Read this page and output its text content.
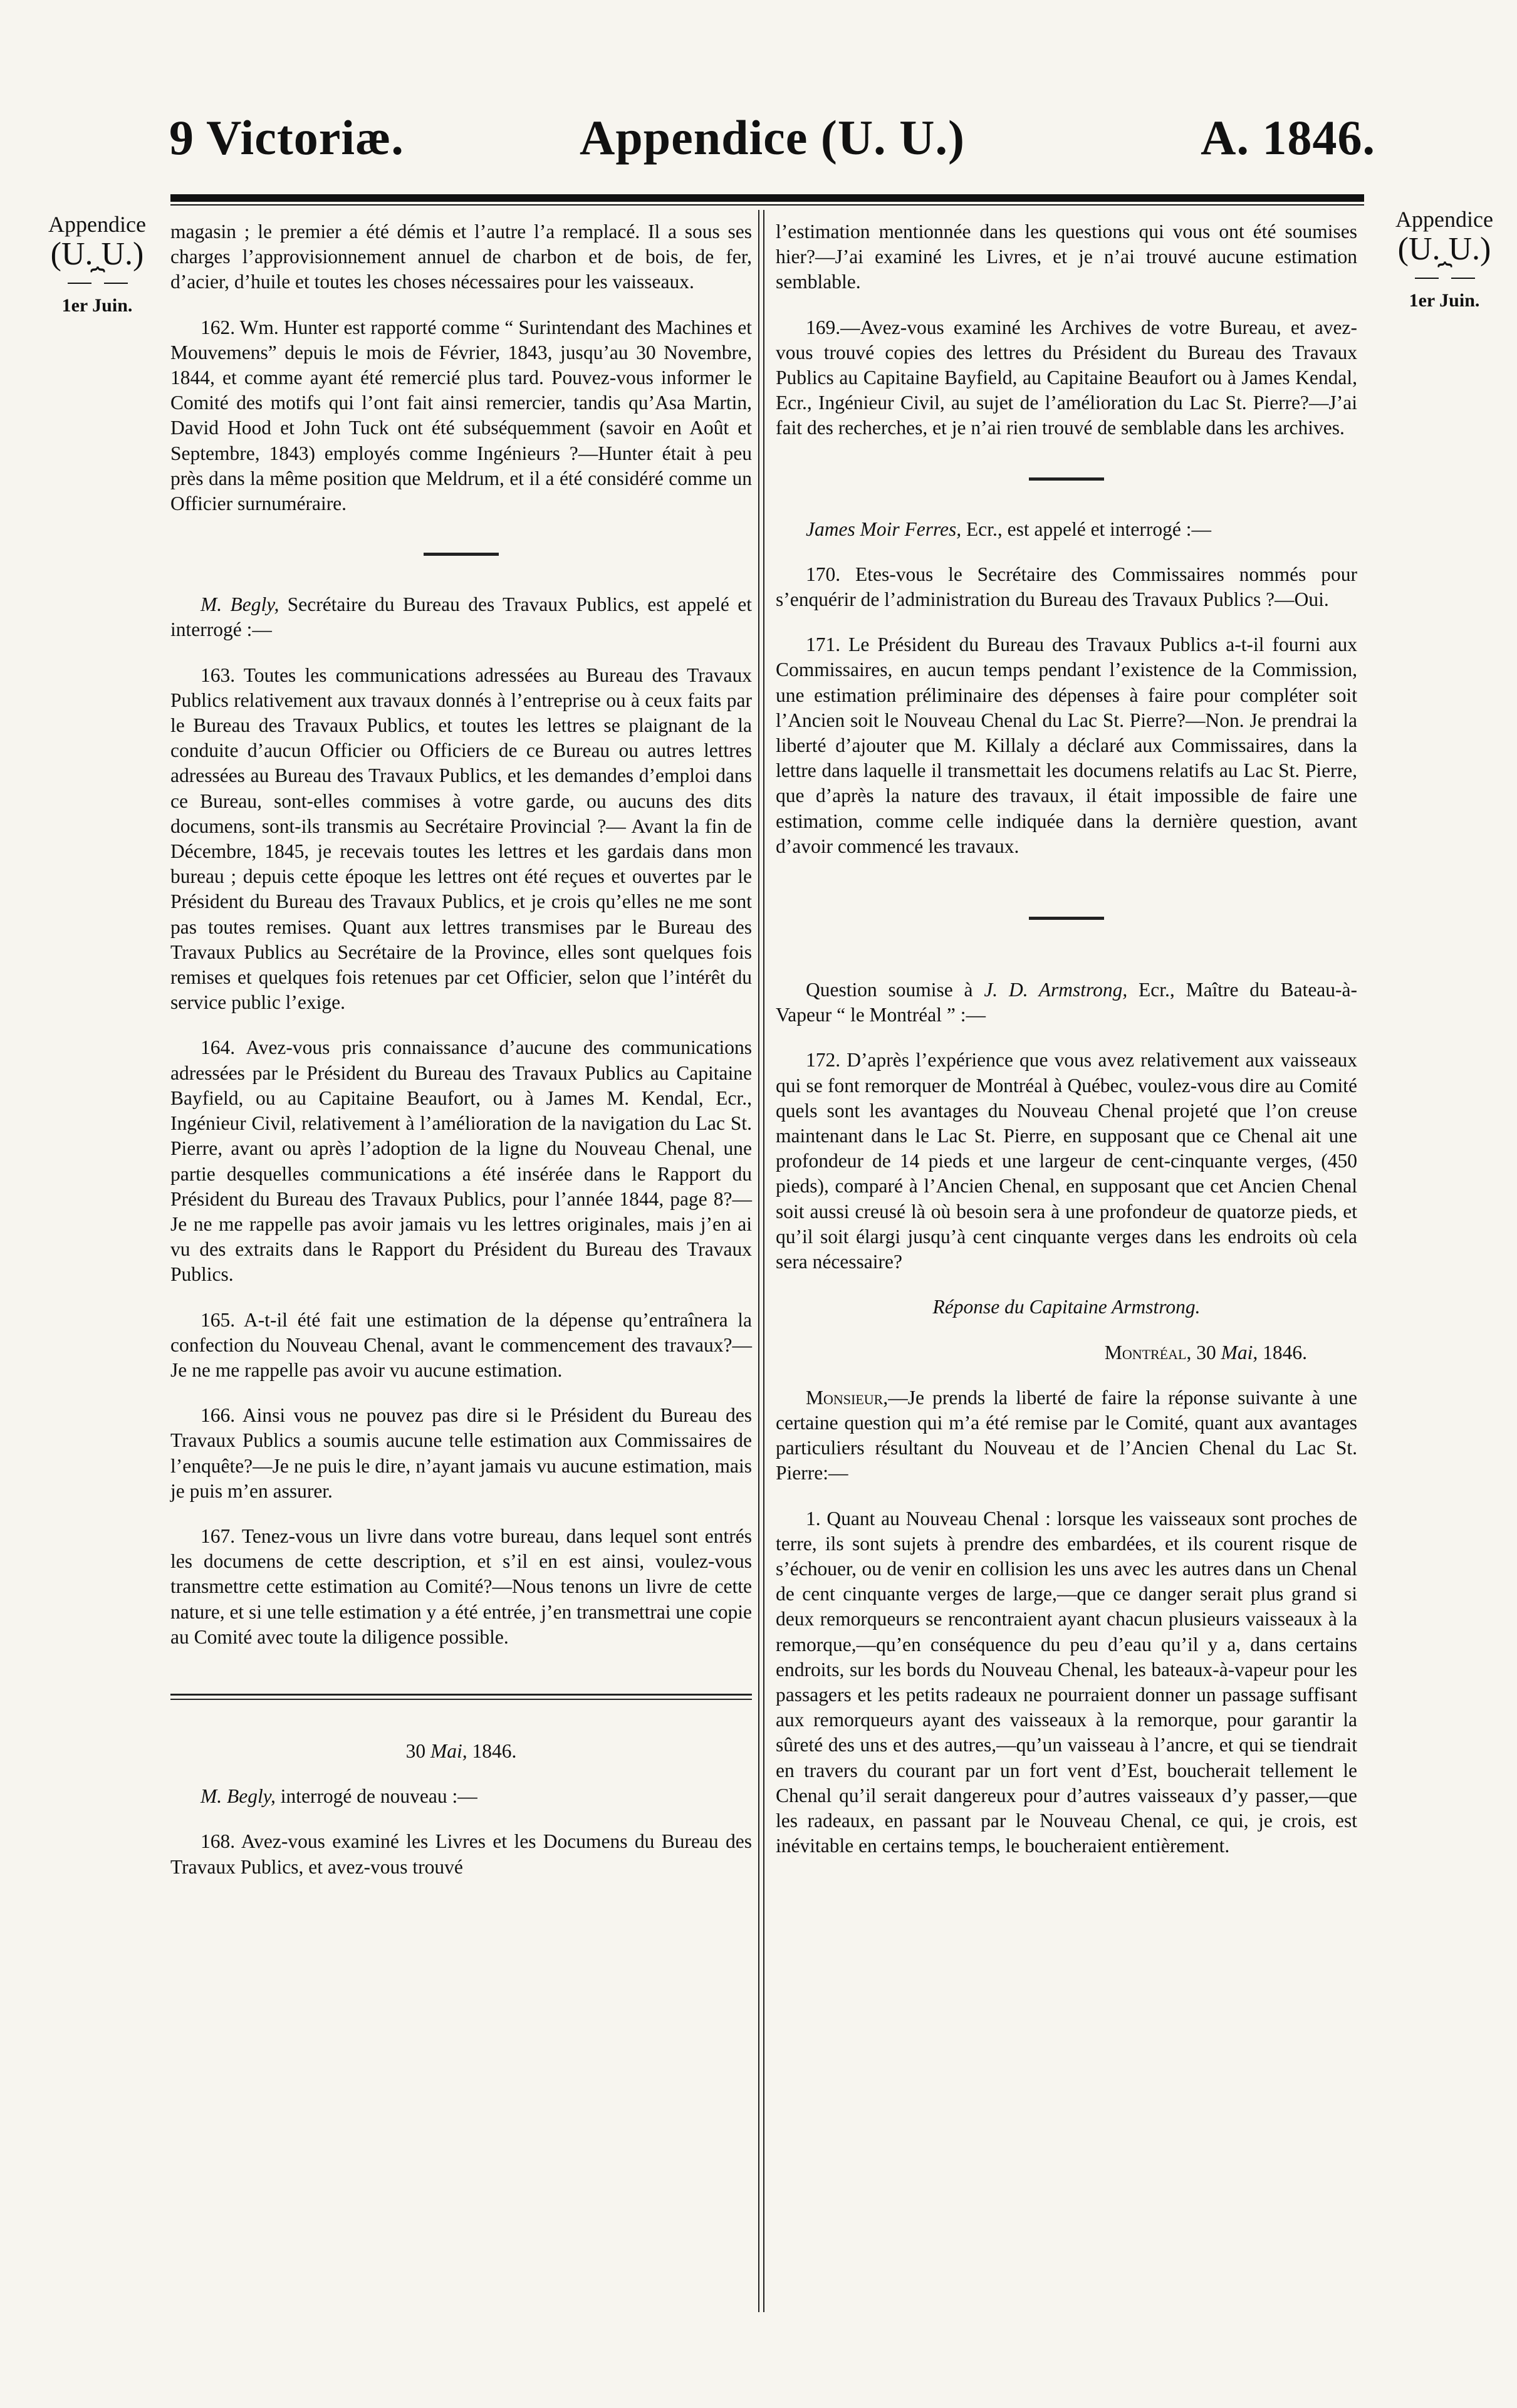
9 Victoriæ.	Appendice (U. U.)	A. 1846.
Appendice
(U. U.)
⎯⎯⏞⎯⎯
1er Juin.
Appendice
(U. U.)
⎯⎯⏞⎯⎯
1er Juin.

magasin ; le premier a été démis et l’autre l’a remplacé. Il a sous ses charges l’approvisionnement annuel de charbon et de bois, de fer, d’acier, d’huile et toutes les choses nécessaires pour les vaisseaux.

162. Wm. Hunter est rapporté comme “ Surintendant des Machines et Mouvemens” depuis le mois de Février, 1843, jusqu’au 30 Novembre, 1844, et comme ayant été remercié plus tard. Pouvez-vous informer le Comité des motifs qui l’ont fait ainsi remercier, tandis qu’Asa Martin, David Hood et John Tuck ont été subséquemment (savoir en Août et Septembre, 1843) employés comme Ingénieurs ?—Hunter était à peu près dans la même position que Meldrum, et il a été considéré comme un Officier surnuméraire.

M. Begly, Secrétaire du Bureau des Travaux Publics, est appelé et interrogé :—

163. Toutes les communications adressées au Bureau des Travaux Publics relativement aux travaux donnés à l’entreprise ou à ceux faits par le Bureau des Travaux Publics, et toutes les lettres se plaignant de la conduite d’aucun Officier ou Officiers de ce Bureau ou autres lettres adressées au Bureau des Travaux Publics, et les demandes d’emploi dans ce Bureau, sont-elles commises à votre garde, ou aucuns des dits documens, sont-ils transmis au Secrétaire Provincial ?— Avant la fin de Décembre, 1845, je recevais toutes les lettres et les gardais dans mon bureau ; depuis cette époque les lettres ont été reçues et ouvertes par le Président du Bureau des Travaux Publics, et je crois qu’elles ne me sont pas toutes remises. Quant aux lettres transmises par le Bureau des Travaux Publics au Secrétaire de la Province, elles sont quelques fois remises et quelques fois retenues par cet Officier, selon que l’intérêt du service public l’exige.

164. Avez-vous pris connaissance d’aucune des communications adressées par le Président du Bureau des Travaux Publics au Capitaine Bayfield, ou au Capitaine Beaufort, ou à James M. Kendal, Ecr., Ingénieur Civil, relativement à l’amélioration de la navigation du Lac St. Pierre, avant ou après l’adoption de la ligne du Nouveau Chenal, une partie desquelles communications a été insérée dans le Rapport du Président du Bureau des Travaux Publics, pour l’année 1844, page 8?—Je ne me rappelle pas avoir jamais vu les lettres originales, mais j’en ai vu des extraits dans le Rapport du Président du Bureau des Travaux Publics.

165. A-t-il été fait une estimation de la dépense qu’entraînera la confection du Nouveau Chenal, avant le commencement des travaux?—Je ne me rappelle pas avoir vu aucune estimation.

166. Ainsi vous ne pouvez pas dire si le Président du Bureau des Travaux Publics a soumis aucune telle estimation aux Commissaires de l’enquête?—Je ne puis le dire, n’ayant jamais vu aucune estimation, mais je puis m’en assurer.

167. Tenez-vous un livre dans votre bureau, dans lequel sont entrés les documens de cette description, et s’il en est ainsi, voulez-vous transmettre cette estimation au Comité?—Nous tenons un livre de cette nature, et si une telle estimation y a été entrée, j’en transmettrai une copie au Comité avec toute la diligence possible.

30 Mai, 1846.

M. Begly, interrogé de nouveau :—

168. Avez-vous examiné les Livres et les Documens du Bureau des Travaux Publics, et avez-vous trouvé

l’estimation mentionnée dans les questions qui vous ont été soumises hier?—J’ai examiné les Livres, et je n’ai trouvé aucune estimation semblable.

169.—Avez-vous examiné les Archives de votre Bureau, et avez-vous trouvé copies des lettres du Président du Bureau des Travaux Publics au Capitaine Bayfield, au Capitaine Beaufort ou à James Kendal, Ecr., Ingénieur Civil, au sujet de l’amélioration du Lac St. Pierre?—J’ai fait des recherches, et je n’ai rien trouvé de semblable dans les archives.

James Moir Ferres, Ecr., est appelé et interrogé :—

170. Etes-vous le Secrétaire des Commissaires nommés pour s’enquérir de l’administration du Bureau des Travaux Publics ?—Oui.

171. Le Président du Bureau des Travaux Publics a-t-il fourni aux Commissaires, en aucun temps pendant l’existence de la Commission, une estimation préliminaire des dépenses à faire pour compléter soit l’Ancien soit le Nouveau Chenal du Lac St. Pierre?—Non. Je prendrai la liberté d’ajouter que M. Killaly a déclaré aux Commissaires, dans la lettre dans laquelle il transmettait les documens relatifs au Lac St. Pierre, que d’après la nature des travaux, il était impossible de faire une estimation, comme celle indiquée dans la dernière question, avant d’avoir commencé les travaux.

Question soumise à J. D. Armstrong, Ecr., Maître du Bateau-à-Vapeur “ le Montréal ” :—

172. D’après l’expérience que vous avez relativement aux vaisseaux qui se font remorquer de Montréal à Québec, voulez-vous dire au Comité quels sont les avantages du Nouveau Chenal projeté que l’on creuse maintenant dans le Lac St. Pierre, en supposant que ce Chenal ait une profondeur de 14 pieds et une largeur de cent-cinquante verges, (450 pieds), comparé à l’Ancien Chenal, en supposant que cet Ancien Chenal soit aussi creusé là où besoin sera à une profondeur de quatorze pieds, et qu’il soit élargi jusqu’à cent cinquante verges dans les endroits où cela sera nécessaire?

Réponse du Capitaine Armstrong.

Montréal, 30 Mai, 1846.

Monsieur,—Je prends la liberté de faire la réponse suivante à une certaine question qui m’a été remise par le Comité, quant aux avantages particuliers résultant du Nouveau et de l’Ancien Chenal du Lac St. Pierre:—

1. Quant au Nouveau Chenal : lorsque les vaisseaux sont proches de terre, ils sont sujets à prendre des embardées, et ils courent risque de s’échouer, ou de venir en collision les uns avec les autres dans un Chenal de cent cinquante verges de large,—que ce danger serait plus grand si deux remorqueurs se rencontraient ayant chacun plusieurs vaisseaux à la remorque,—qu’en conséquence du peu d’eau qu’il y a, dans certains endroits, sur les bords du Nouveau Chenal, les bateaux-à-vapeur pour les passagers et les petits radeaux ne pourraient donner un passage suffisant aux remorqueurs ayant des vaisseaux à la remorque, pour garantir la sûreté des uns et des autres,—qu’un vaisseau à l’ancre, et qui se tiendrait en travers du courant par un fort vent d’Est, boucherait tellement le Chenal qu’il serait dangereux pour d’autres vaisseaux d’y passer,—que les radeaux, en passant par le Nouveau Chenal, ce qui, je crois, est inévitable en certains temps, le boucheraient entièrement.
